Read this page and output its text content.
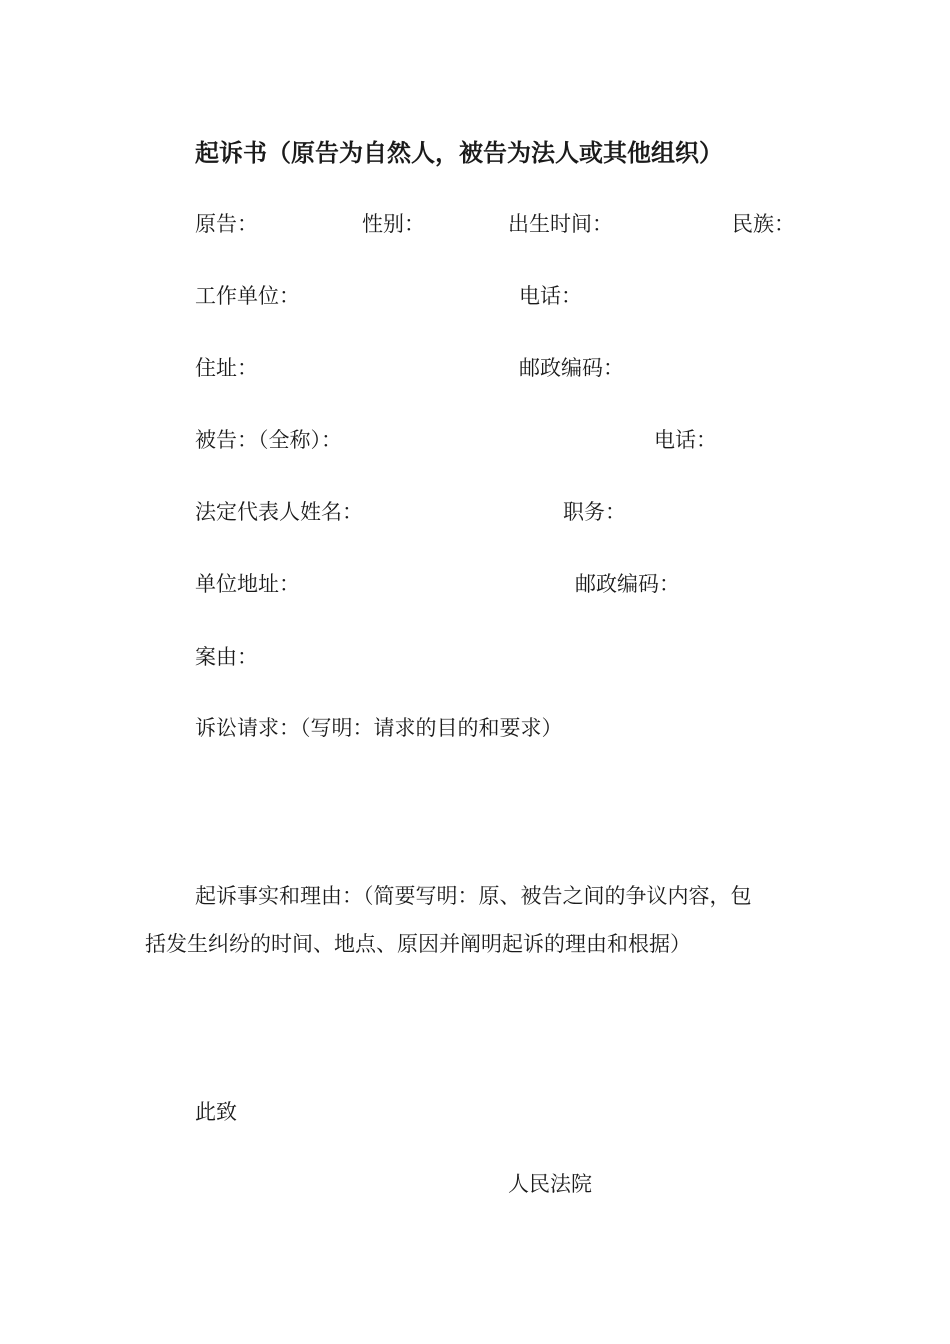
起诉书（原告为自然人，被告为法人或其他组织）
原告：	性别：	出生时间：	民族：
工作单位：	电话：
住址：	邮政编码：
被告：（全称）：	电话：
法定代表人姓名：	职务：
单位地址：	邮政编码：
案由：
诉讼请求：（写明：请求的目的和要求）
起诉事实和理由：（简要写明：原、被告之间的争议内容，包
括发生纠纷的时间、地点、原因并阐明起诉的理由和根据）
此致
人民法院
